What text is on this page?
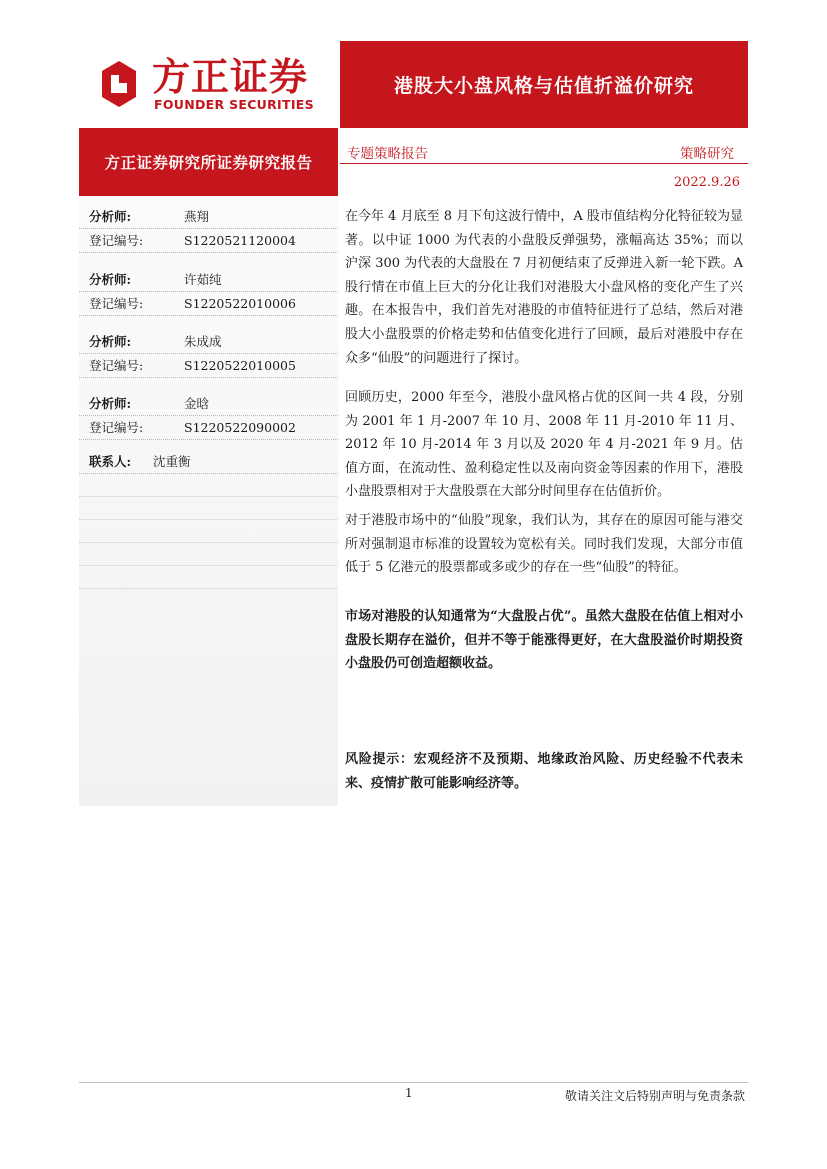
方正证券
FOUNDER SECURITIES
港股大小盘风格与估值折溢价研究
方正证券研究所证券研究报告
分析师:	燕翔
登记编号:	S1220521120004
分析师:	许茹纯
登记编号:	S1220522010006
分析师:	朱成成
登记编号:	S1220522010005
分析师:	金晗
登记编号:	S1220522090002
联系人: 沈重衡
专题策略报告	策略研究
2022.9.26
在今年 4 月底至 8 月下旬这波行情中，A 股市值结构分化特征较为显著。以中证 1000 为代表的小盘股反弹强势，涨幅高达 35%；而以沪深 300 为代表的大盘股在 7 月初便结束了反弹进入新一轮下跌。A 股行情在市值上巨大的分化让我们对港股大小盘风格的变化产生了兴趣。在本报告中，我们首先对港股的市值特征进行了总结，然后对港股大小盘股票的价格走势和估值变化进行了回顾，最后对港股中存在众多“仙股”的问题进行了探讨。
回顾历史，2000 年至今，港股小盘风格占优的区间一共 4 段，分别为 2001 年 1 月-2007 年 10 月、2008 年 11 月-2010 年 11 月、2012 年 10 月-2014 年 3 月以及 2020 年 4 月-2021 年 9 月。估值方面，在流动性、盈利稳定性以及南向资金等因素的作用下，港股小盘股票相对于大盘股票在大部分时间里存在估值折价。
对于港股市场中的“仙股”现象，我们认为，其存在的原因可能与港交所对强制退市标准的设置较为宽松有关。同时我们发现，大部分市值低于 5 亿港元的股票都或多或少的存在一些“仙股”的特征。
市场对港股的认知通常为“大盘股占优”。虽然大盘股在估值上相对小盘股长期存在溢价，但并不等于能涨得更好，在大盘股溢价时期投资小盘股仍可创造超额收益。
风险提示：宏观经济不及预期、地缘政治风险、历史经验不代表未来、疫情扩散可能影响经济等。
1	敬请关注文后特别声明与免责条款
